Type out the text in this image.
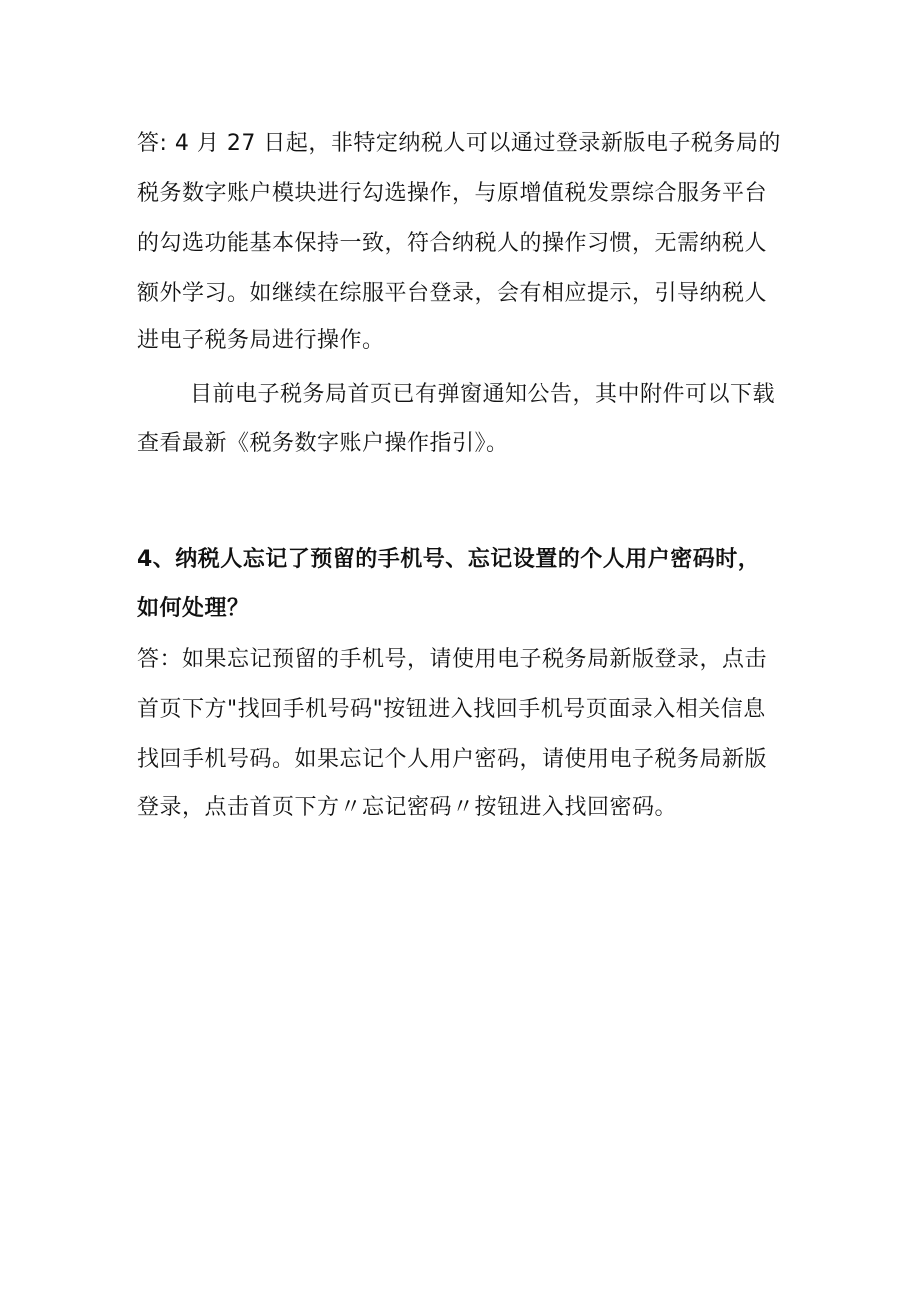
答: 4 月 27 日起，非特定纳税人可以通过登录新版电子税务局的
税务数字账户模块进行勾选操作，与原增值税发票综合服务平台
的勾选功能基本保持一致，符合纳税人的操作习惯，无需纳税人
额外学习。如继续在综服平台登录，会有相应提示，引导纳税人
进电子税务局进行操作。
目前电子税务局首页已有弹窗通知公告，其中附件可以下载
查看最新《税务数字账户操作指引》。
4、纳税人忘记了预留的手机号、忘记设置的个人用户密码时，
如何处理？
答：如果忘记预留的手机号，请使用电子税务局新版登录，点击
首页下方"找回手机号码"按钮进入找回手机号页面录入相关信息
找回手机号码。如果忘记个人用户密码，请使用电子税务局新版
登录，点击首页下方〃忘记密码〃按钮进入找回密码。
